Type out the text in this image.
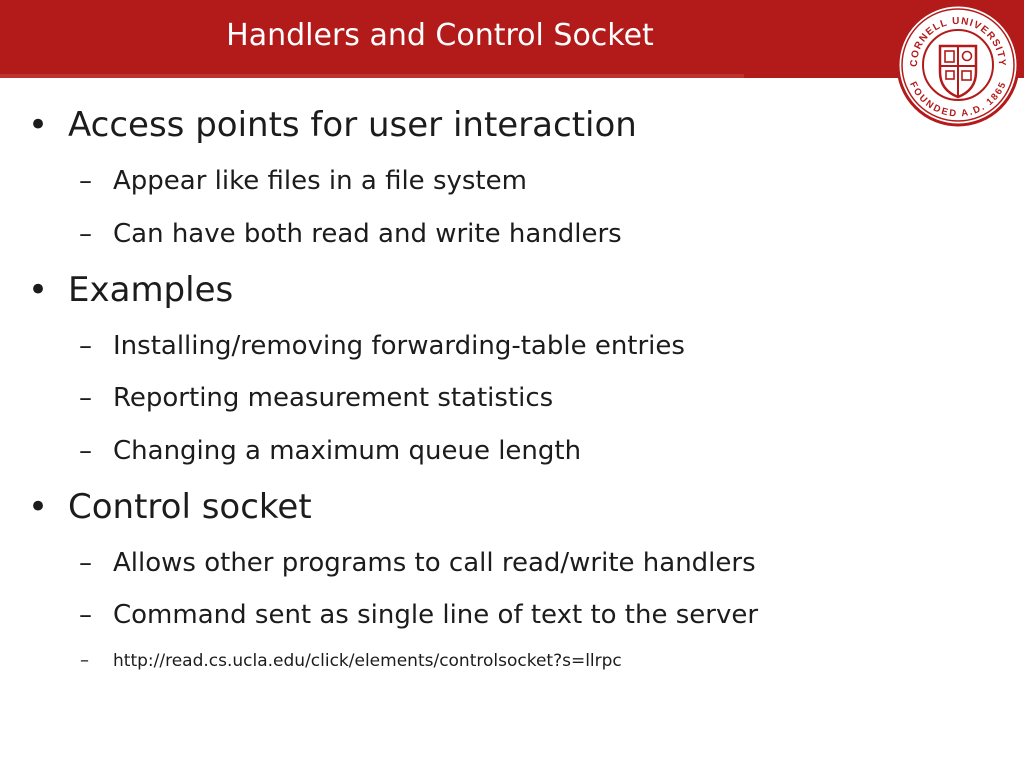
Handlers and Control Socket
CORNELL UNIVERSITY
FOUNDED A.D. 1865
• Access points for user interaction
– Appear like files in a file system
– Can have both read and write handlers
• Examples
– Installing/removing forwarding-table entries
– Reporting measurement statistics
– Changing a maximum queue length
• Control socket
– Allows other programs to call read/write handlers
– Command sent as single line of text to the server
– http://read.cs.ucla.edu/click/elements/controlsocket?s=llrpc
